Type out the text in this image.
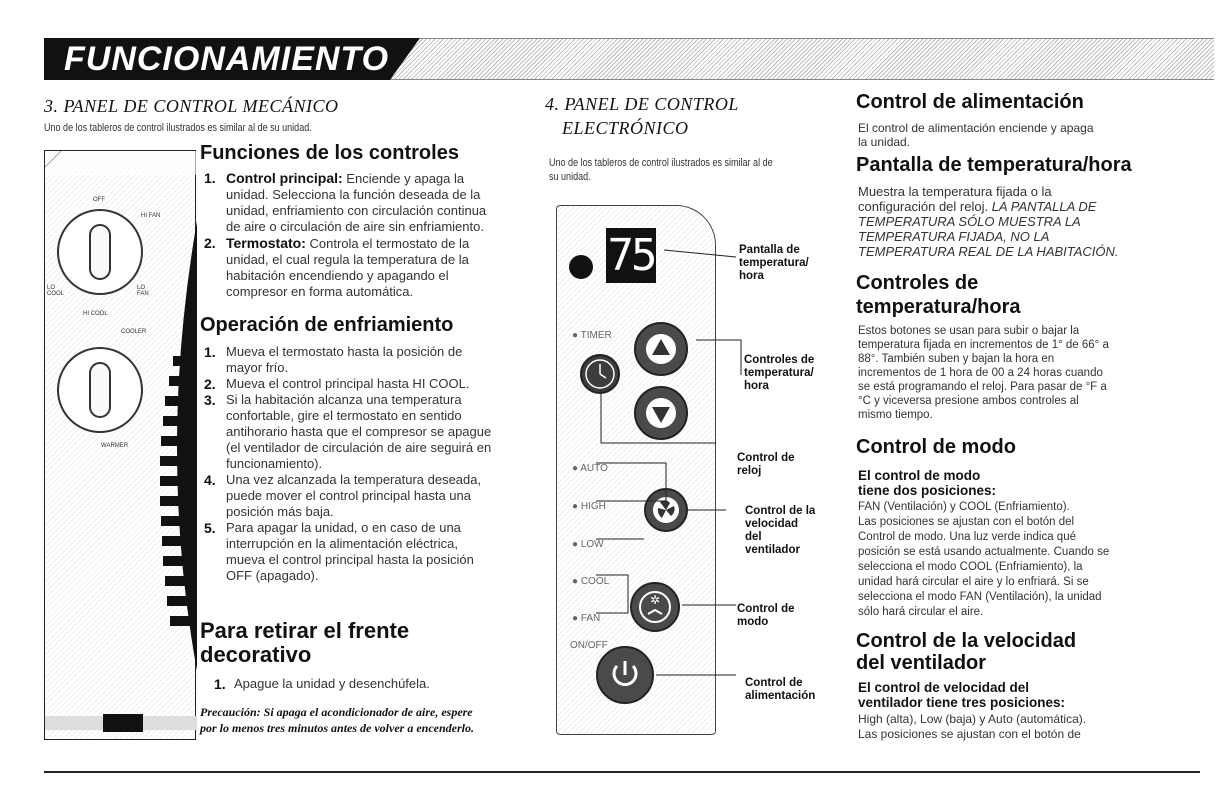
FUNCIONAMIENTO
3. PANEL DE CONTROL MECÁNICO
Uno de los tableros de control ilustrados es similar al de su unidad.
OFF
HI FAN
LO COOL
LO FAN
HI COOL
COOLER
WARMER
Funciones de los controles
1. Control principal: Enciende y apaga la
unidad. Selecciona la función deseada de la
unidad, enfriamiento con circulación continua
de aire o circulación de aire sin enfriamiento.
2. Termostato: Controla el termostato de la
unidad, el cual regula la temperatura de la
habitación encendiendo y apagando el
compresor en forma automática.
Operación de enfriamiento
1. Mueva el termostato hasta la posición de
mayor frío.
2. Mueva el control principal hasta HI COOL.
3. Si la habitación alcanza una temperatura
confortable, gire el termostato en sentido
antihorario hasta que el compresor se apague
(el ventilador de circulación de aire seguirá en
funcionamiento).
4. Una vez alcanzada la temperatura deseada,
puede mover el control principal hasta una
posición más baja.
5. Para apagar la unidad, o en caso de una
interrupción en la alimentación eléctrica,
mueva el control principal hasta la posición
OFF (apagado).
Para retirar el frente
decorativo
1. Apague la unidad y desenchúfela.
Precaución: Si apaga el acondicionador de aire, espere
por lo menos tres minutos antes de volver a encenderlo.
4. PANEL DE CONTROL
ELECTRÓNICO
Uno de los tableros de control ilustrados es similar al de
su unidad.
75
● TIMER
● AUTO
● HIGH
● LOW
● COOL
● FAN
✲
ON/OFF
Pantalla de
temperatura/
hora
Controles de
temperatura/
hora
Control de
reloj
Control de la
velocidad
del
ventilador
Control de
modo
Control de
alimentación
Control de alimentación
El control de alimentación enciende y apaga
la unidad.
Pantalla de temperatura/hora
Muestra la temperatura fijada o la
configuración del reloj. LA PANTALLA DE
TEMPERATURA SÓLO MUESTRA LA
TEMPERATURA FIJADA, NO LA
TEMPERATURA REAL DE LA HABITACIÓN.
Controles de
temperatura/hora
Estos botones se usan para subir o bajar la
temperatura fijada en incrementos de 1° de 66° a
88°. También suben y bajan la hora en
incrementos de 1 hora de 00 a 24 horas cuando
se está programando el reloj. Para pasar de °F a
°C y viceversa presione ambos controles al
mismo tiempo.
Control de modo
El control de modo
tiene dos posiciones:
FAN (Ventilación) y COOL (Enfriamiento).
Las posiciones se ajustan con el botón del
Control de modo. Una luz verde indica qué
posición se está usando actualmente. Cuando se
selecciona el modo COOL (Enfriamiento), la
unidad hará circular el aire y lo enfriará. Si se
selecciona el modo FAN (Ventilación), la unidad
sólo hará circular el aire.
Control de la velocidad
del ventilador
El control de velocidad del
ventilador tiene tres posiciones:
High (alta), Low (baja) y Auto (automática).
Las posiciones se ajustan con el botón de
